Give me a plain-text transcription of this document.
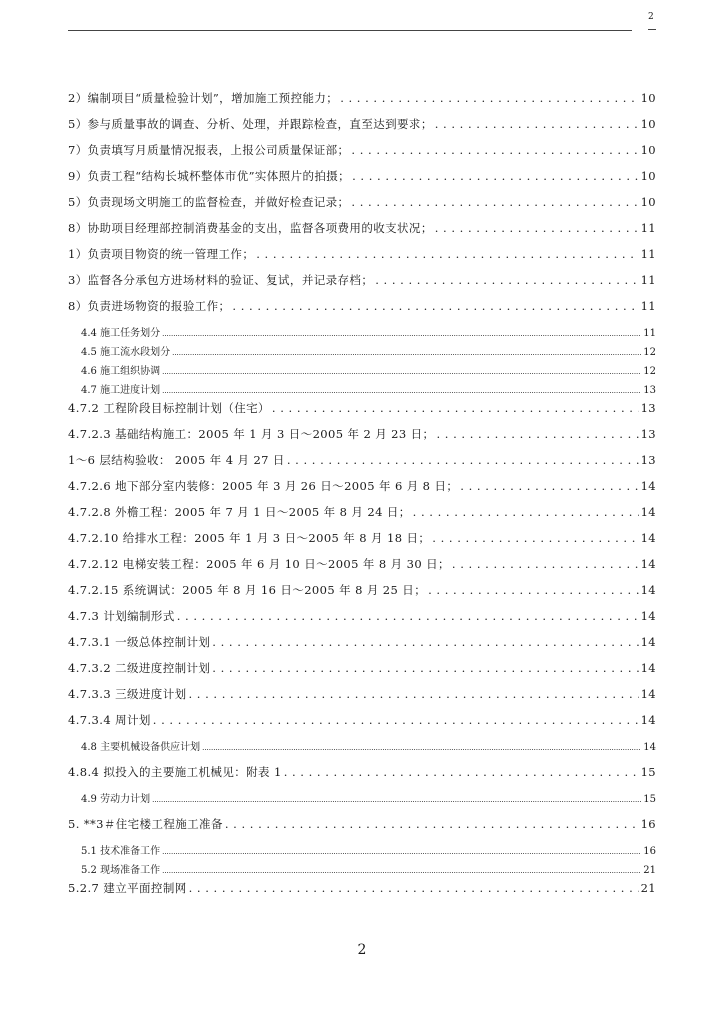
2
2）编制项目“质量检验计划”，增加施工预控能力； . . .	10
5）参与质量事故的调查、分析、处理，并跟踪检查，直至达到要求； . . .	10
7）负责填写月质量情况报表，上报公司质量保证部； . . .	10
9）负责工程“结构长城杯整体市优”实体照片的拍摄； . . .	10
5）负责现场文明施工的监督检查，并做好检查记录； . . .	10
8）协助项目经理部控制消费基金的支出，监督各项费用的收支状况； . . .	11
1）负责项目物资的统一管理工作； . . .	11
3）监督各分承包方进场材料的验证、复试，并记录存档； . . .	11
8）负责进场物资的报验工作； . . .	11
4.4 施工任务划分 .....	11
4.5 施工流水段划分 .....	12
4.6 施工组织协调 .....	12
4.7 施工进度计划 .....	13
4.7.2 工程阶段目标控制计划（住宅） . . .	13
4.7.2.3 基础结构施工：2005 年 1 月 3 日～2005 年 2 月 23 日； . . .	13
1～6 层结构验收： 2005 年 4 月 27 日 . . .	13
4.7.2.6 地下部分室内装修：2005 年 3 月 26 日～2005 年 6 月 8 日； . . .	14
4.7.2.8 外檐工程：2005 年 7 月 1 日～2005 年 8 月 24 日； . . .	14
4.7.2.10 给排水工程：2005 年 1 月 3 日～2005 年 8 月 18 日； . . .	14
4.7.2.12 电梯安装工程：2005 年 6 月 10 日～2005 年 8 月 30 日； . . .	14
4.7.2.15 系统调试：2005 年 8 月 16 日～2005 年 8 月 25 日； . . .	14
4.7.3 计划编制形式 . . .	14
4.7.3.1 一级总体控制计划 . . .	14
4.7.3.2 二级进度控制计划 . . .	14
4.7.3.3 三级进度计划 . . .	14
4.7.3.4 周计划 . . .	14
4.8 主要机械设备供应计划 .....	14
4.8.4 拟投入的主要施工机械见：附表 1 . . .	15
4.9 劳动力计划 .....	15
5. **3＃住宅楼工程施工准备 . . .	16
5.1 技术准备工作 .....	16
5.2 现场准备工作 .....	21
5.2.7 建立平面控制网 . . .	21
2
